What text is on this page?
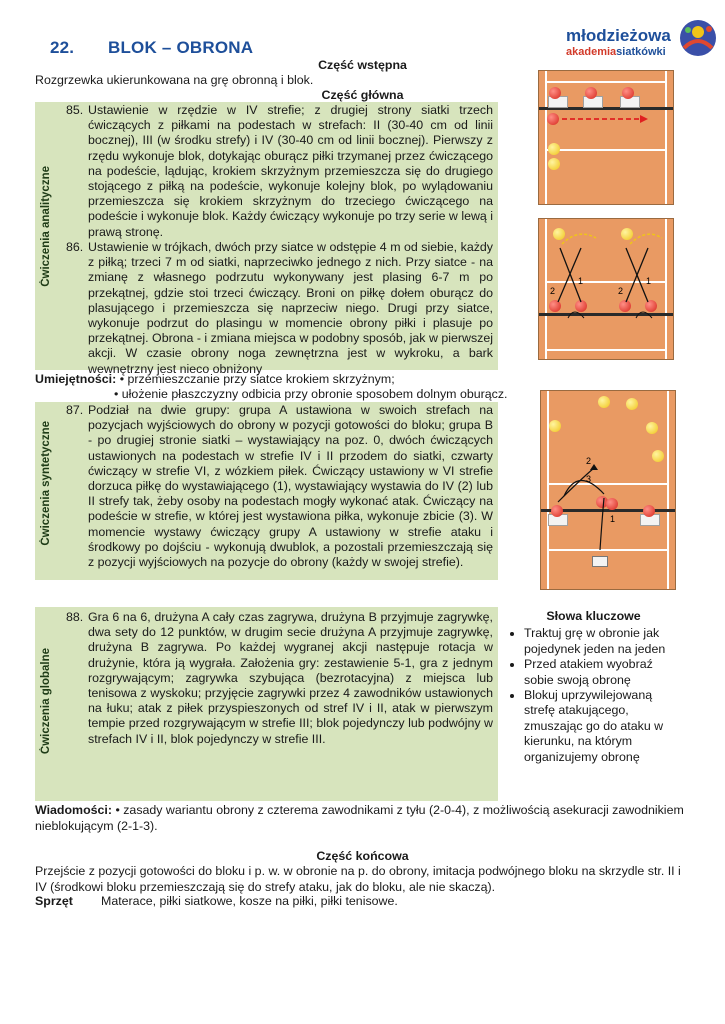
22. BLOK – OBRONA
młodzieżowa
akademiasiatkówki
Część wstępna
Rozgrzewka ukierunkowana na grę obronną i blok.
Część główna
Ćwiczenia analityczne
85. Ustawienie w rzędzie w IV strefie; z drugiej strony siatki trzech ćwiczących z piłkami na podestach w strefach: II (30-40 cm od linii bocznej), III (w środku strefy) i IV (30-40 cm od linii bocznej). Pierwszy z rzędu wykonuje blok, dotykając oburącz piłki trzymanej przez ćwiczącego na podeście, lądując, krokiem skrzyżnym przemieszcza się do drugiego stojącego z piłką na podeście, wykonuje kolejny blok, po wylądowaniu przemieszcza się krokiem skrzyżnym do trzeciego ćwiczącego na podeście i wykonuje blok. Każdy ćwiczący wykonuje po trzy serie w lewą i prawą stronę.

86. Ustawienie w trójkach, dwóch przy siatce w odstępie 4 m od siebie, każdy z piłką; trzeci 7 m od siatki, naprzeciwko jednego z nich. Przy siatce - na zmianę z własnego podrzutu wykonywany jest plasing 6-7 m po przekątnej, gdzie stoi trzeci ćwiczący. Broni on piłkę dołem oburącz do plasującego i przemieszcza się naprzeciw niego. Drugi przy siatce, wykonuje podrzut do plasingu w momencie obrony piłki i plasuje po przekątnej. Obrona - i zmiana miejsca w podobny sposób, jak w pierwszej akcji. W czasie obrony noga zewnętrzna jest w wykroku, a bark wewnętrzny jest nieco obniżony

2
1
2
1
Umiejętności: • przemieszczanie przy siatce krokiem skrzyżnym;
• ułożenie płaszczyzny odbicia przy obronie sposobem dolnym oburącz.
Ćwiczenia syntetyczne
87. Podział na dwie grupy: grupa A ustawiona w swoich strefach na pozycjach wyjściowych do obrony w pozycji gotowości do bloku; grupa B - po drugiej stronie siatki – wystawiający na poz. 0, dwóch ćwiczących ustawionych na podestach w strefie IV i II przodem do siatki, czwarty ćwiczący w strefie VI, z wózkiem piłek. Ćwiczący ustawiony w VI strefie dorzuca piłkę do wystawiającego (1), wystawiający wystawia do IV (2) lub II strefy tak, żeby osoby na podestach mogły wykonać atak. Ćwiczący na podeście w strefie, w której jest wystawiona piłka, wykonuje zbicie (3). W momencie wystawy ćwiczący grupy A ustawiony w strefie ataku i środkowy po dojściu - wykonują dwublok, a pozostali przemieszczają się z pozycji wyjściowych na pozycje do obrony (każdy w swojej strefie).

1
2
3
Ćwiczenia globalne
88. Gra 6 na 6, drużyna A cały czas zagrywa, drużyna B przyjmuje zagrywkę, dwa sety do 12 punktów, w drugim secie drużyna A przyjmuje zagrywkę, drużyna B zagrywa. Po każdej wygranej akcji następuje rotacja w drużynie, która ją wygrała. Założenia gry: zestawienie 5-1, gra z jednym rozgrywającym; zagrywka szybująca (bezrotacyjna) z miejsca lub tenisowa z wyskoku; przyjęcie zagrywki przez 4 zawodników ustawionych na łuku; atak z piłek przyspieszonych od stref IV i II, atak w pierwszym tempie przed rozgrywającym w strefie III; blok pojedynczy lub podwójny w strefach IV i II, blok pojedynczy w strefie III.

Słowa kluczowe
• Traktuj grę w obronie jak pojedynek jeden na jeden
• Przed atakiem wyobraź sobie swoją obronę
• Blokuj uprzywilejowaną strefę atakującego, zmuszając go do ataku w kierunku, na którym organizujemy obronę
Wiadomości: • zasady wariantu obrony z czterema zawodnikami z tyłu (2-0-4), z możliwością asekuracji zawodnikiem nieblokującym (2-1-3).
Część końcowa
Przejście z pozycji gotowości do bloku i p. w. w obronie na p. do obrony, imitacja podwójnego bloku na skrzydle str. II i IV (środkowi bloku przemieszczają się do strefy ataku, jak do bloku, ale nie skaczą).
Sprzęt Materace, piłki siatkowe, kosze na piłki, piłki tenisowe.
